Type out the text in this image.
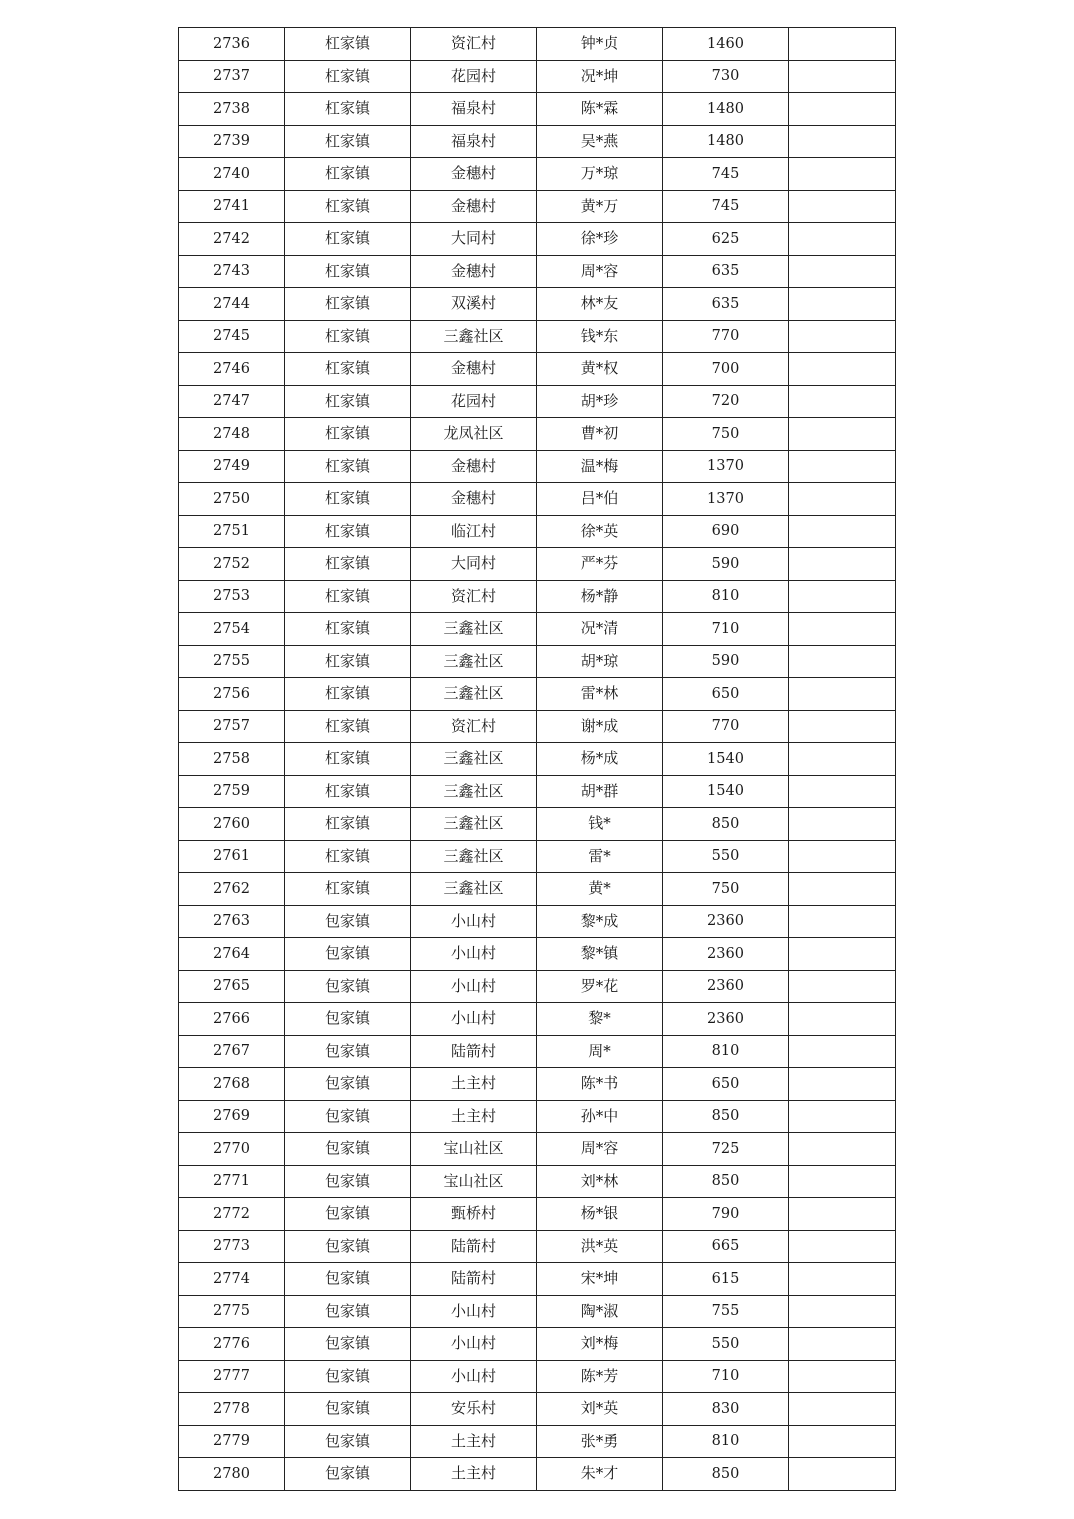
2736	杠家镇	资汇村	钟*贞	1460	
2737	杠家镇	花园村	况*坤	730	
2738	杠家镇	福泉村	陈*霖	1480	
2739	杠家镇	福泉村	吴*燕	1480	
2740	杠家镇	金穗村	万*琼	745	
2741	杠家镇	金穗村	黄*万	745	
2742	杠家镇	大同村	徐*珍	625	
2743	杠家镇	金穗村	周*容	635	
2744	杠家镇	双溪村	林*友	635	
2745	杠家镇	三鑫社区	钱*东	770	
2746	杠家镇	金穗村	黄*权	700	
2747	杠家镇	花园村	胡*珍	720	
2748	杠家镇	龙凤社区	曹*初	750	
2749	杠家镇	金穗村	温*梅	1370	
2750	杠家镇	金穗村	吕*伯	1370	
2751	杠家镇	临江村	徐*英	690	
2752	杠家镇	大同村	严*芬	590	
2753	杠家镇	资汇村	杨*静	810	
2754	杠家镇	三鑫社区	况*清	710	
2755	杠家镇	三鑫社区	胡*琼	590	
2756	杠家镇	三鑫社区	雷*林	650	
2757	杠家镇	资汇村	谢*成	770	
2758	杠家镇	三鑫社区	杨*成	1540	
2759	杠家镇	三鑫社区	胡*群	1540	
2760	杠家镇	三鑫社区	钱*	850	
2761	杠家镇	三鑫社区	雷*	550	
2762	杠家镇	三鑫社区	黄*	750	
2763	包家镇	小山村	黎*成	2360	
2764	包家镇	小山村	黎*镇	2360	
2765	包家镇	小山村	罗*花	2360	
2766	包家镇	小山村	黎*	2360	
2767	包家镇	陆箭村	周*	810	
2768	包家镇	土主村	陈*书	650	
2769	包家镇	土主村	孙*中	850	
2770	包家镇	宝山社区	周*容	725	
2771	包家镇	宝山社区	刘*林	850	
2772	包家镇	甄桥村	杨*银	790	
2773	包家镇	陆箭村	洪*英	665	
2774	包家镇	陆箭村	宋*坤	615	
2775	包家镇	小山村	陶*淑	755	
2776	包家镇	小山村	刘*梅	550	
2777	包家镇	小山村	陈*芳	710	
2778	包家镇	安乐村	刘*英	830	
2779	包家镇	土主村	张*勇	810	
2780	包家镇	土主村	朱*才	850	
